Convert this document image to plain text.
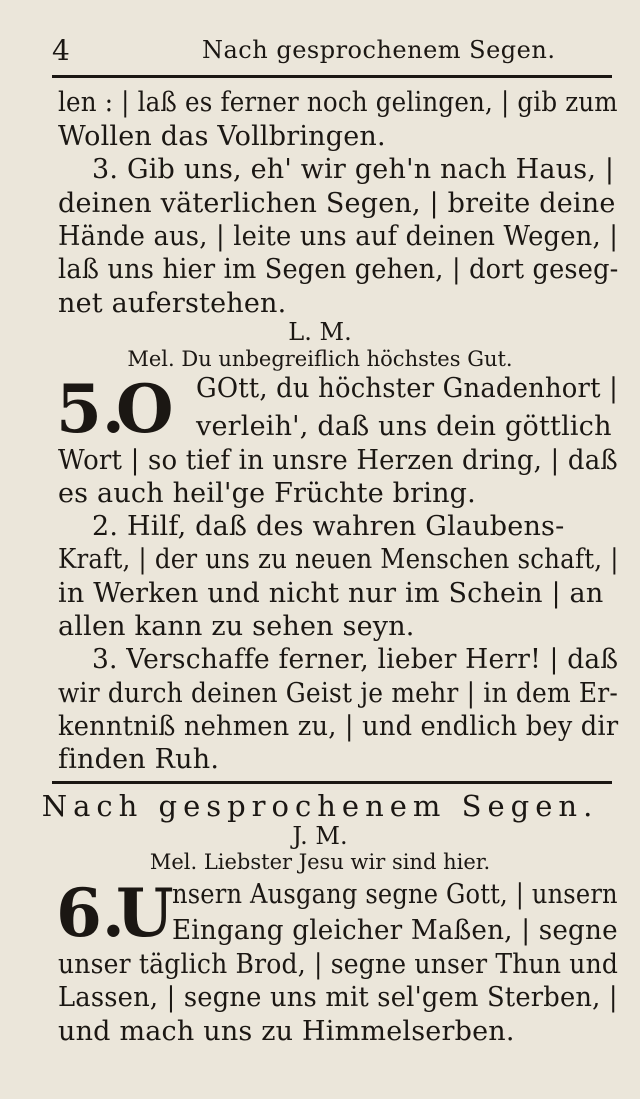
4	Nach gesprochenem Segen.
len : | laß es ferner noch gelingen, | gib zum
Wollen das Vollbringen.
3. Gib uns, eh' wir geh'n nach Haus, |
deinen väterlichen Segen, | breite deine
Hände aus, | leite uns auf deinen Wegen, |
laß uns hier im Segen gehen, | dort geseg-
net auferstehen.
L. M.
Mel. Du unbegreiflich höchstes Gut.
5.
O GOtt, du höchster Gnadenhort |
verleih', daß uns dein göttlich
Wort | so tief in unsre Herzen dring, | daß
es auch heil'ge Früchte bring.
2. Hilf, daß des wahren Glaubens-
Kraft, | der uns zu neuen Menschen schaft, |
in Werken und nicht nur im Schein | an
allen kann zu sehen seyn.
3. Verschaffe ferner, lieber Herr! | daß
wir durch deinen Geist je mehr | in dem Er-
kenntniß nehmen zu, | und endlich bey dir
finden Ruh.
Nach gesprochenem Segen.
J. M.
Mel. Liebster Jesu wir sind hier.
6.
U
nsern Ausgang segne Gott, | unsern
Eingang gleicher Maßen, | segne
unser täglich Brod, | segne unser Thun und
Lassen, | segne uns mit sel'gem Sterben, |
und mach uns zu Himmelserben.
